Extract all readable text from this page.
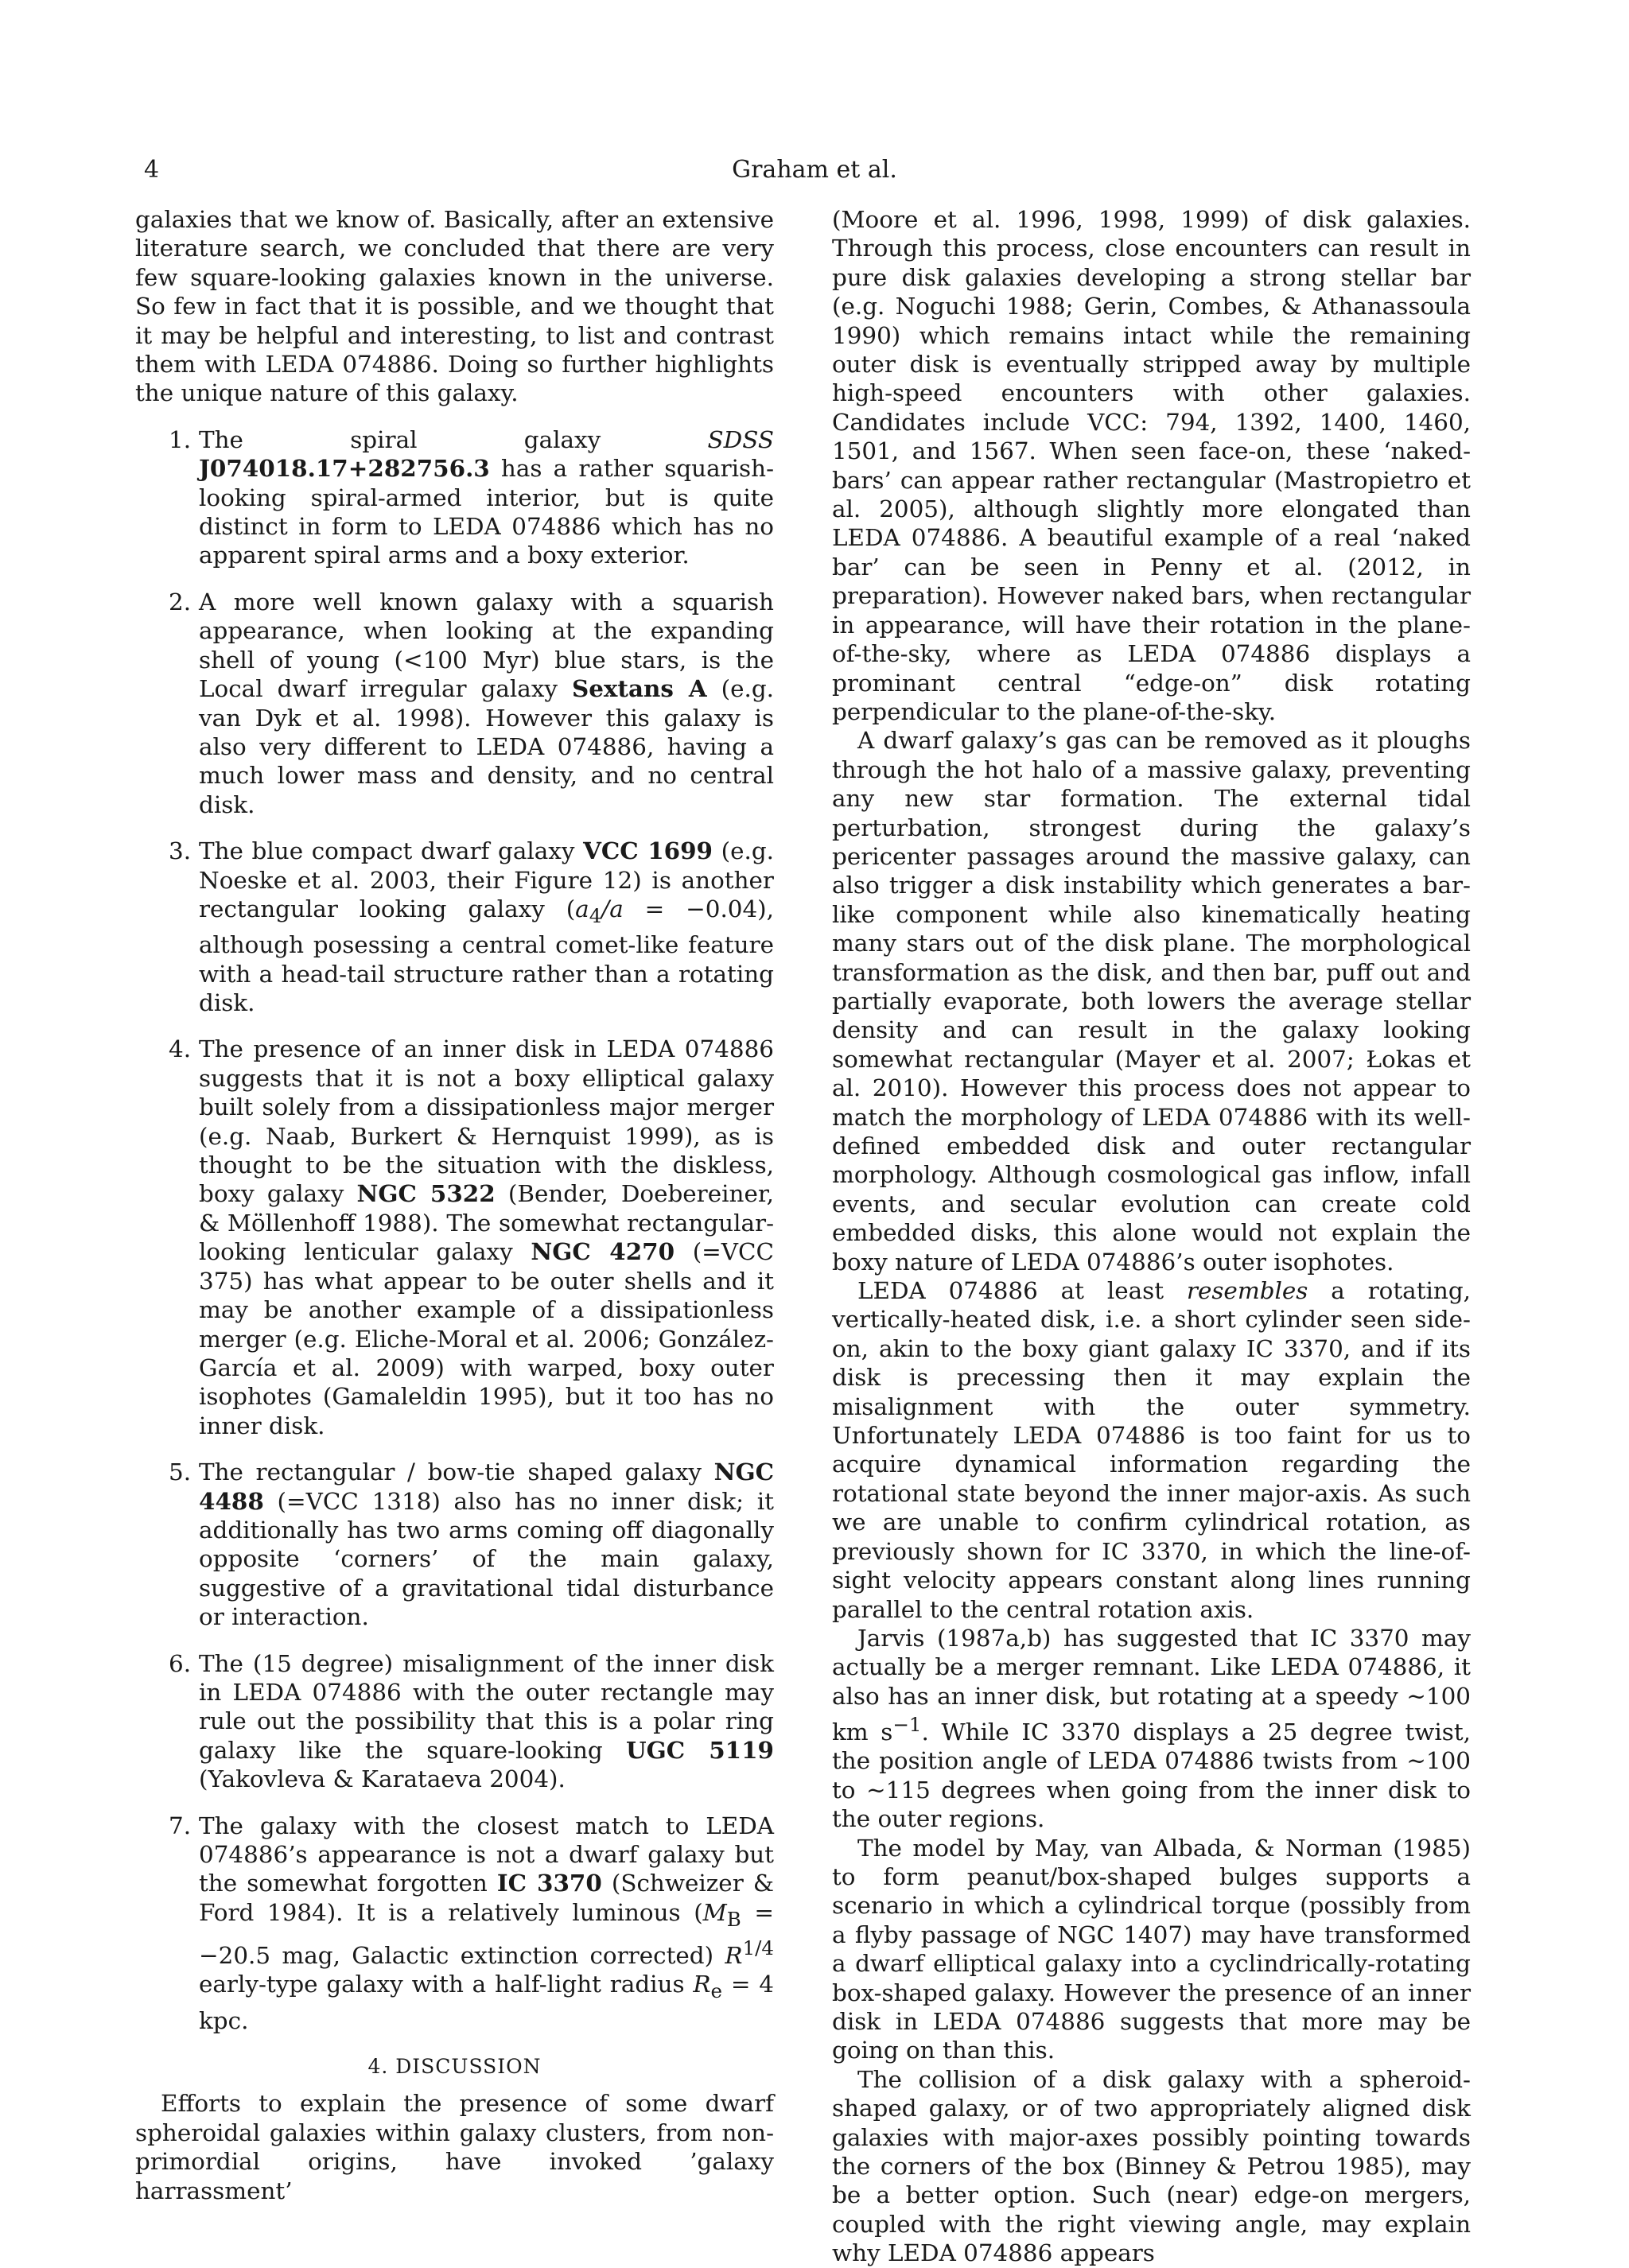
4	Graham et al.

galaxies that we know of. Basically, after an extensive literature search, we concluded that there are very few square-looking galaxies known in the universe. So few in fact that it is possible, and we thought that it may be helpful and interesting, to list and contrast them with LEDA 074886. Doing so further highlights the unique nature of this galaxy.

1. The spiral galaxy SDSS J074018.17+282756.3 has a rather squarish-looking spiral-armed interior, but is quite distinct in form to LEDA 074886 which has no apparent spiral arms and a boxy exterior.
2. A more well known galaxy with a squarish appearance, when looking at the expanding shell of young (<100 Myr) blue stars, is the Local dwarf irregular galaxy Sextans A (e.g. van Dyk et al. 1998). However this galaxy is also very different to LEDA 074886, having a much lower mass and density, and no central disk.
3. The blue compact dwarf galaxy VCC 1699 (e.g. Noeske et al. 2003, their Figure 12) is another rectangular looking galaxy $(a_4/a = -0.04)$, although posessing a central comet-like feature with a head-tail structure rather than a rotating disk.
4. The presence of an inner disk in LEDA 074886 suggests that it is not a boxy elliptical galaxy built solely from a dissipationless major merger (e.g. Naab, Burkert & Hernquist 1999), as is thought to be the situation with the diskless, boxy galaxy NGC 5322 (Bender, Doebereiner, & Möllenhoff 1988). The somewhat rectangular-looking lenticular galaxy NGC 4270 (=VCC 375) has what appear to be outer shells and it may be another example of a dissipationless merger (e.g. Eliche-Moral et al. 2006; González-García et al. 2009) with warped, boxy outer isophotes (Gamaleldin 1995), but it too has no inner disk.
5. The rectangular / bow-tie shaped galaxy NGC 4488 (=VCC 1318) also has no inner disk; it additionally has two arms coming off diagonally opposite ‘corners’ of the main galaxy, suggestive of a gravitational tidal disturbance or interaction.
6. The (15 degree) misalignment of the inner disk in LEDA 074886 with the outer rectangle may rule out the possibility that this is a polar ring galaxy like the square-looking UGC 5119 (Yakovleva & Karataeva 2004).
7. The galaxy with the closest match to LEDA 074886’s appearance is not a dwarf galaxy but the somewhat forgotten IC 3370 (Schweizer & Ford 1984). It is a relatively luminous ($M_B = -20.5$ mag, Galactic extinction corrected) $R^{1/4}$ early-type galaxy with a half-light radius $R_e = 4$ kpc.
4. DISCUSSION

Efforts to explain the presence of some dwarf spheroidal galaxies within galaxy clusters, from non-primordial origins, have invoked ’galaxy harrassment’

(Moore et al. 1996, 1998, 1999) of disk galaxies. Through this process, close encounters can result in pure disk galaxies developing a strong stellar bar (e.g. Noguchi 1988; Gerin, Combes, & Athanassoula 1990) which remains intact while the remaining outer disk is eventually stripped away by multiple high-speed encounters with other galaxies. Candidates include VCC: 794, 1392, 1400, 1460, 1501, and 1567. When seen face-on, these ‘naked-bars’ can appear rather rectangular (Mastropietro et al. 2005), although slightly more elongated than LEDA 074886. A beautiful example of a real ‘naked bar’ can be seen in Penny et al. (2012, in preparation). However naked bars, when rectangular in appearance, will have their rotation in the plane-of-the-sky, where as LEDA 074886 displays a prominant central “edge-on” disk rotating perpendicular to the plane-of-the-sky.

A dwarf galaxy’s gas can be removed as it ploughs through the hot halo of a massive galaxy, preventing any new star formation. The external tidal perturbation, strongest during the galaxy’s pericenter passages around the massive galaxy, can also trigger a disk instability which generates a bar-like component while also kinematically heating many stars out of the disk plane. The morphological transformation as the disk, and then bar, puff out and partially evaporate, both lowers the average stellar density and can result in the galaxy looking somewhat rectangular (Mayer et al. 2007; Łokas et al. 2010). However this process does not appear to match the morphology of LEDA 074886 with its well-defined embedded disk and outer rectangular morphology. Although cosmological gas inflow, infall events, and secular evolution can create cold embedded disks, this alone would not explain the boxy nature of LEDA 074886’s outer isophotes.

LEDA 074886 at least resembles a rotating, vertically-heated disk, i.e. a short cylinder seen side-on, akin to the boxy giant galaxy IC 3370, and if its disk is precessing then it may explain the misalignment with the outer symmetry. Unfortunately LEDA 074886 is too faint for us to acquire dynamical information regarding the rotational state beyond the inner major-axis. As such we are unable to confirm cylindrical rotation, as previously shown for IC 3370, in which the line-of-sight velocity appears constant along lines running parallel to the central rotation axis.

Jarvis (1987a,b) has suggested that IC 3370 may actually be a merger remnant. Like LEDA 074886, it also has an inner disk, but rotating at a speedy ∼100 km $s^{-1}$. While IC 3370 displays a 25 degree twist, the position angle of LEDA 074886 twists from ∼100 to ∼115 degrees when going from the inner disk to the outer regions.

The model by May, van Albada, & Norman (1985) to form peanut/box-shaped bulges supports a scenario in which a cylindrical torque (possibly from a flyby passage of NGC 1407) may have transformed a dwarf elliptical galaxy into a cyclindrically-rotating box-shaped galaxy. However the presence of an inner disk in LEDA 074886 suggests that more may be going on than this.

The collision of a disk galaxy with a spheroid-shaped galaxy, or of two appropriately aligned disk galaxies with major-axes possibly pointing towards the corners of the box (Binney & Petrou 1985), may be a better option. Such (near) edge-on mergers, coupled with the right viewing angle, may explain why LEDA 074886 appears
